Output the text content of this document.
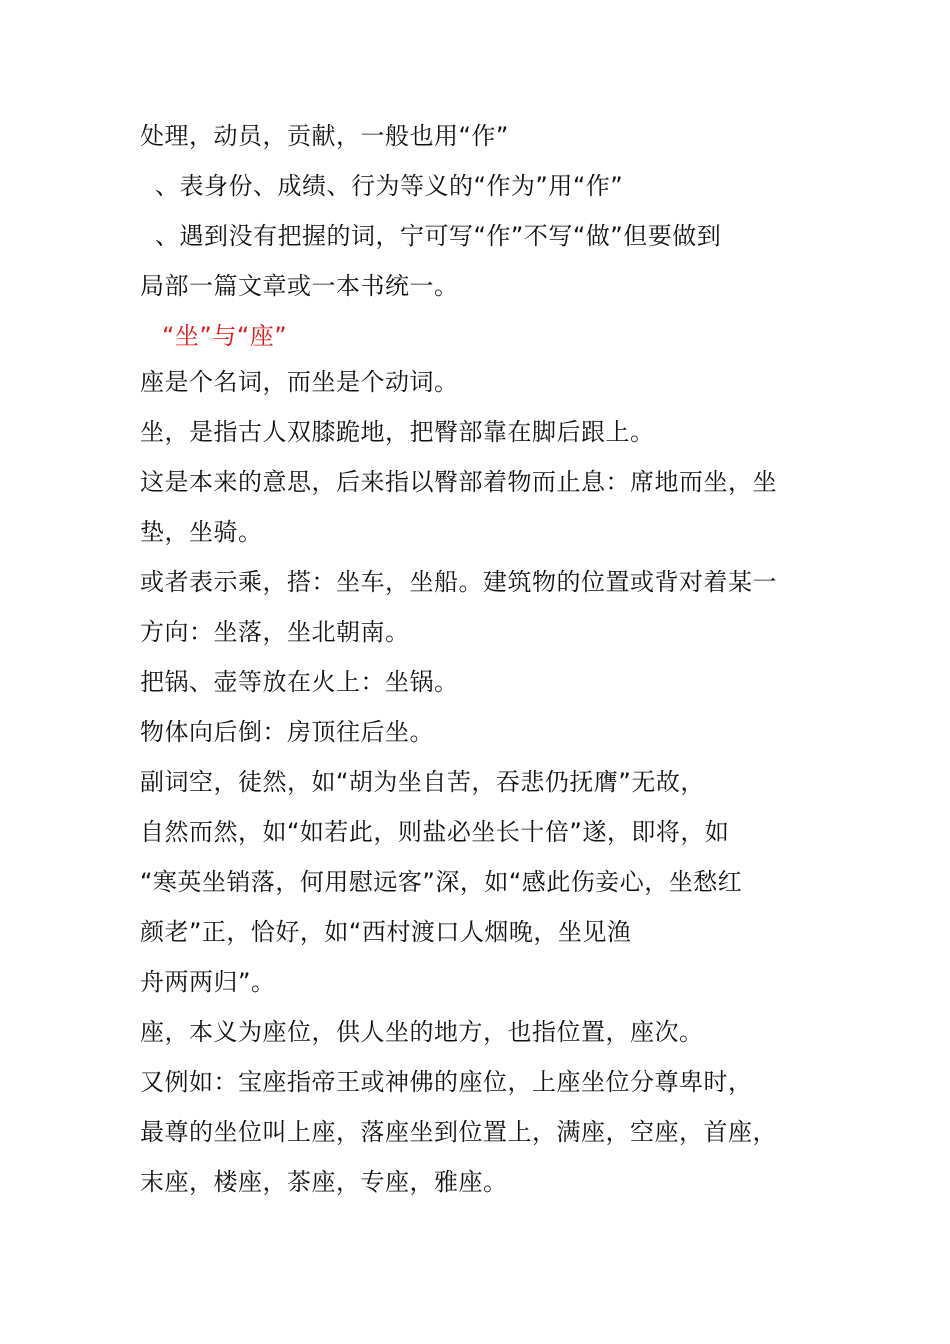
处理，动员，贡献，一般也用“作”
、表身份、成绩、行为等义的“作为”用“作”
、遇到没有把握的词，宁可写“作”不写“做”但要做到
局部一篇文章或一本书统一。
“坐”与“座”
座是个名词，而坐是个动词。
坐，是指古人双膝跪地，把臀部靠在脚后跟上。
这是本来的意思，后来指以臀部着物而止息：席地而坐，坐
垫，坐骑。
或者表示乘，搭：坐车，坐船。建筑物的位置或背对着某一
方向：坐落，坐北朝南。
把锅、壶等放在火上：坐锅。
物体向后倒：房顶往后坐。
副词空，徒然，如“胡为坐自苦，吞悲仍抚膺”无故，
自然而然，如“如若此，则盐必坐长十倍”遂，即将，如
“寒英坐销落，何用慰远客”深，如“感此伤妾心，坐愁红
颜老”正，恰好，如“西村渡口人烟晚，坐见渔
舟两两归”。
座，本义为座位，供人坐的地方，也指位置，座次。
又例如：宝座指帝王或神佛的座位，上座坐位分尊卑时，
最尊的坐位叫上座，落座坐到位置上，满座，空座，首座，
末座，楼座，茶座，专座，雅座。
